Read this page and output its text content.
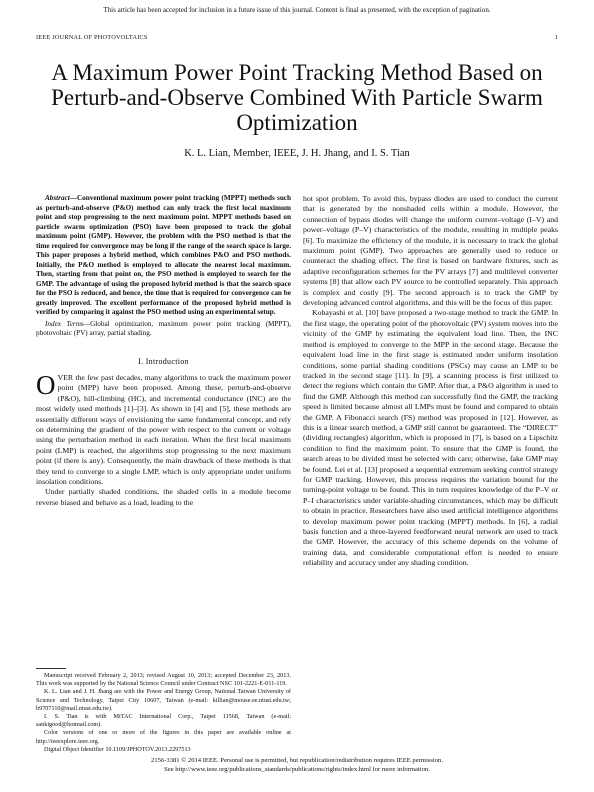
This article has been accepted for inclusion in a future issue of this journal. Content is final as presented, with the exception of pagination.
IEEE JOURNAL OF PHOTOVOLTAICS	1
A Maximum Power Point Tracking Method Based on Perturb-and-Observe Combined With Particle Swarm Optimization
K. L. Lian, Member, IEEE, J. H. Jhang, and I. S. Tian

Abstract—Conventional maximum power point tracking (MPPT) methods such as perturb-and-observe (P&O) method can only track the first local maximum point and stop progressing to the next maximum point. MPPT methods based on particle swarm optimization (PSO) have been proposed to track the global maximum point (GMP). However, the problem with the PSO method is that the time required for convergence may be long if the range of the search space is large. This paper proposes a hybrid method, which combines P&O and PSO methods. Initially, the P&O method is employed to allocate the nearest local maximum. Then, starting from that point on, the PSO method is employed to search for the GMP. The advantage of using the proposed hybrid method is that the search space for the PSO is reduced, and hence, the time that is required for convergence can be greatly improved. The excellent performance of the proposed hybrid method is verified by comparing it against the PSO method using an experimental setup.

Index Terms—Global optimization, maximum power point tracking (MPPT), photovoltaic (PV) array, partial shading.

I. Introduction

OVER the few past decades, many algorithms to track the maximum power point (MPP) have been proposed. Among these, perturb-and-observe (P&O), hill-climbing (HC), and incremental conductance (INC) are the most widely used methods [1]–[3]. As shown in [4] and [5], these methods are essentially different ways of envisioning the same fundamental concept, and rely on determining the gradient of the power with respect to the current or voltage using the perturbation method in each iteration. When the first local maximum point (LMP) is reached, the algorithms stop progressing to the next maximum point (if there is any). Consequently, the main drawback of these methods is that they tend to converge to a single LMP, which is only appropriate under uniform insolation conditions.

Under partially shaded conditions, the shaded cells in a module become reverse biased and behave as a load, leading to the

Manuscript received February 2, 2013; revised August 10, 2013; accepted December 23, 2013. This work was supported by the National Science Council under Contract NSC 101-2221-E-011-119.

K. L. Lian and J. H. Jhang are with the Power and Energy Group, National Taiwan University of Science and Technology, Taipei City 10607, Taiwan (e-mail: killian@mouse.ee.ntust.edu.tw; b9707110@mail.ntust.edu.tw).

I. S. Tian is with MiTAC International Corp., Taipei 11568, Taiwan (e-mail: sankigood@hotmail.com).

Color versions of one or more of the figures in this paper are available online at http://ieeexplore.ieee.org.

Digital Object Identifier 10.1109/JPHOTOV.2013.2297513

hot spot problem. To avoid this, bypass diodes are used to conduct the current that is generated by the nonshaded cells within a module. However, the connection of bypass diodes will change the uniform current–voltage (I–V) and power–voltage (P–V) characteristics of the module, resulting in multiple peaks [6]. To maximize the efficiency of the module, it is necessary to track the global maximum point (GMP). Two approaches are generally used to reduce or counteract the shading effect. The first is based on hardware fixtures, such as adaptive reconfiguration schemes for the PV arrays [7] and multilevel converter systems [8] that allow each PV source to be controlled separately. This approach is complex and costly [9]. The second approach is to track the GMP by developing advanced control algorithms, and this will be the focus of this paper.

Kobayashi et al. [10] have proposed a two-stage method to track the GMP. In the first stage, the operating point of the photovoltaic (PV) system moves into the vicinity of the GMP by estimating the equivalent load line. Then, the INC method is employed to converge to the MPP in the second stage. Because the equivalent load line in the first stage is estimated under uniform insolation conditions, some partial shading conditions (PSCs) may cause an LMP to be tracked in the second stage [11]. In [9], a scanning process is first utilized to detect the regions which contain the GMP. After that, a P&O algorithm is used to find the GMP. Although this method can successfully find the GMP, the tracking speed is limited because almost all LMPs must be found and compared to obtain the GMP. A Fibonacci search (FS) method was proposed in [12]. However, as this is a linear search method, a GMP still cannot be guaranteed. The “DIRECT” (dividing rectangles) algorithm, which is proposed in [7], is based on a Lipschitz condition to find the maximum point. To ensure that the GMP is found, the search areas to be divided must be selected with care; otherwise, fake GMP may be found. Lei et al. [13] proposed a sequential extremum seeking control strategy for GMP tracking. However, this process requires the variation bound for the turning-point voltage to be found. This in turn requires knowledge of the P–V or P–I characteristics under variable-shading circumstances, which may be difficult to obtain in practice. Researchers have also used artificial intelligence algorithms to develop maximum power point tracking (MPPT) methods. In [6], a radial basis function and a three-layered feedforward neural network are used to track the GMP. However, the accuracy of this scheme depends on the volume of training data, and considerable computational effort is needed to ensure reliability and accuracy under any shading condition.

2156-3381 © 2014 IEEE. Personal use is permitted, but republication/redistribution requires IEEE permission.
See http://www.ieee.org/publications_standards/publications/rights/index.html for more information.
